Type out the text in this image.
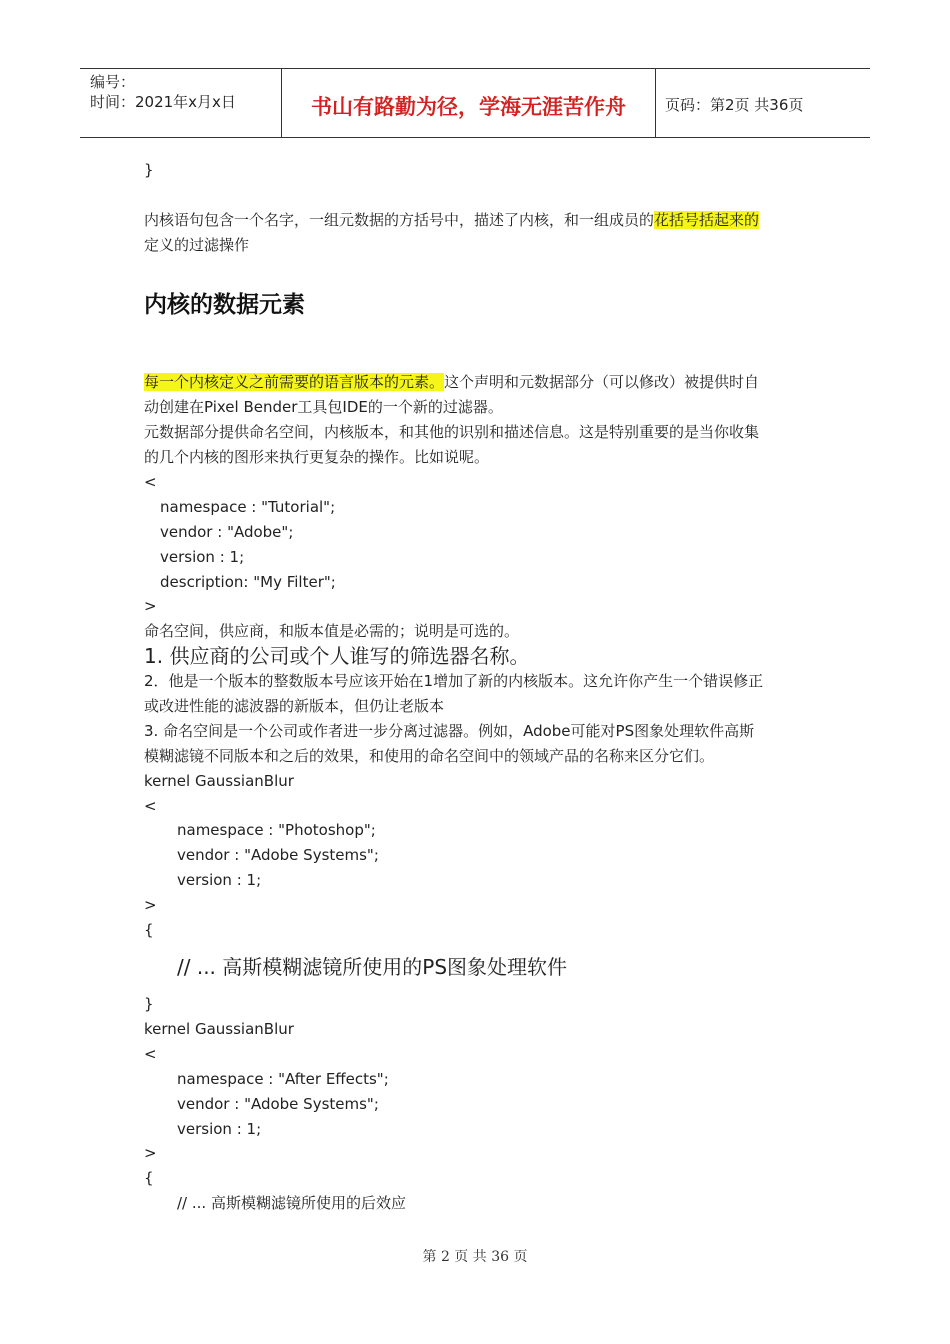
编号：
时间：2021年x月x日	书山有路勤为径，学海无涯苦作舟	页码：第2页 共36页
}
内核语句包含一个名字，一组元数据的方括号中，描述了内核，和一组成员的花括号括起来的
定义的过滤操作
内核的数据元素
每一个内核定义之前需要的语言版本的元素。这个声明和元数据部分（可以修改）被提供时自
动创建在Pixel Bender工具包IDE的一个新的过滤器。
元数据部分提供命名空间，内核版本，和其他的识别和描述信息。这是特别重要的是当你收集
的几个内核的图形来执行更复杂的操作。比如说呢。
<
namespace : "Tutorial";
vendor : "Adobe";
version : 1;
description: "My Filter";
>
命名空间，供应商，和版本值是必需的；说明是可选的。
1. 供应商的公司或个人谁写的筛选器名称。
2．他是一个版本的整数版本号应该开始在1增加了新的内核版本。这允许你产生一个错误修正
或改进性能的滤波器的新版本，但仍让老版本
3. 命名空间是一个公司或作者进一步分离过滤器。例如，Adobe可能对PS图象处理软件高斯
模糊滤镜不同版本和之后的效果，和使用的命名空间中的领域产品的名称来区分它们。
kernel GaussianBlur
<
namespace : "Photoshop";
vendor : "Adobe Systems";
version : 1;
>
{
// ... 高斯模糊滤镜所使用的PS图象处理软件
}
kernel GaussianBlur
<
namespace : "After Effects";
vendor : "Adobe Systems";
version : 1;
>
{
// ... 高斯模糊滤镜所使用的后效应
第 2 页 共 36 页
